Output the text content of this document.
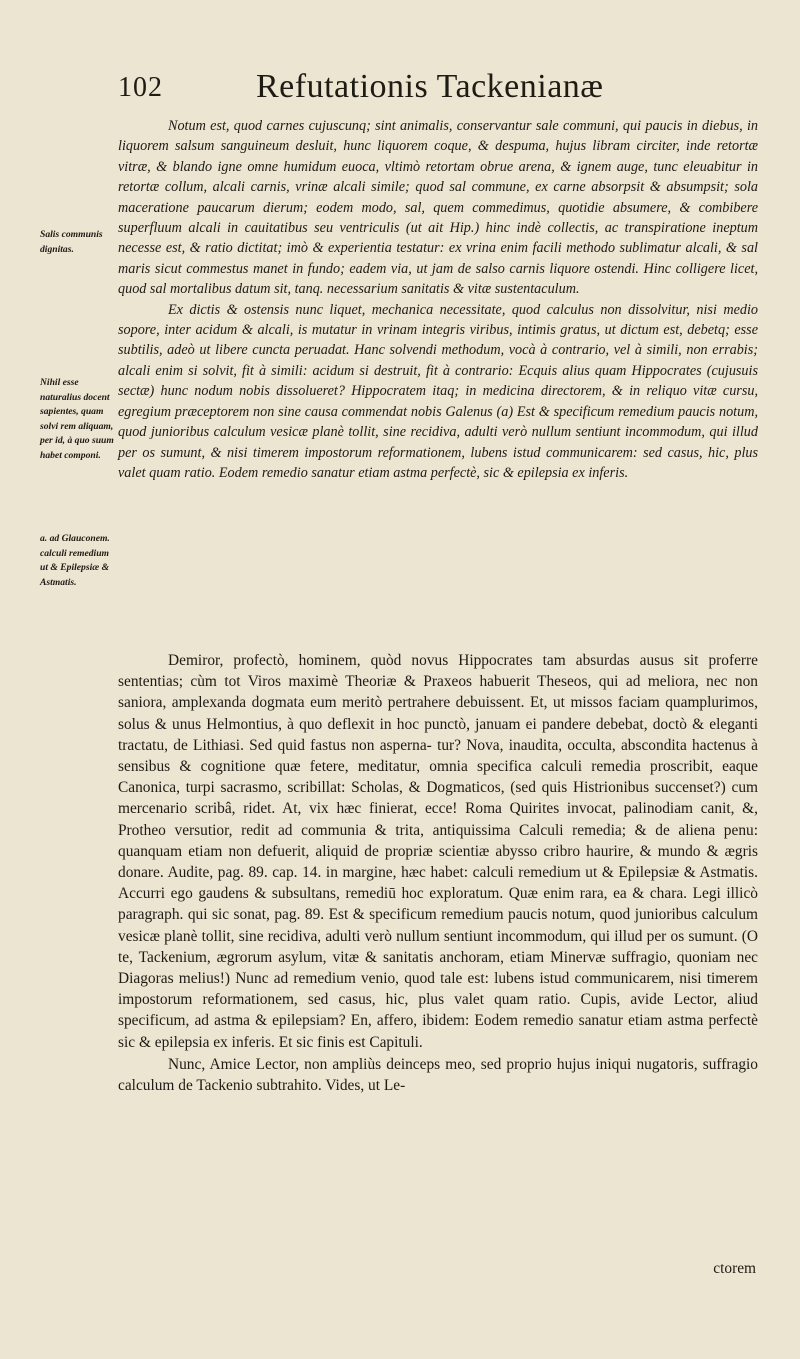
102	Refutationis Tackenianæ

Notum est, quod carnes cujuscunq; sint animalis, conservantur sale communi, qui paucis in diebus, in liquorem salsum sanguineum desluit, hunc liquorem coque, & despuma, hujus libram circiter, inde retortæ vitræ, & blando igne omne humidum euoca, vltimò retortam obrue arena, & ignem auge, tunc eleuabitur in retortæ collum, alcali carnis, vrinæ alcali simile; quod sal commune, ex carne absorpsit & absumpsit; sola maceratione paucarum dierum; eodem modo, sal, quem commedimus, quotidie absumere, & combibere superfluum alcali in cauitatibus seu ventriculis (ut ait Hip.) hinc indè collectis, ac transpiratione ineptum necesse est, & ratio dictitat; imò & experientia testatur: ex vrina enim facili methodo sublimatur alcali, & sal maris sicut commestus manet in fundo; eadem via, ut jam de salso carnis liquore ostendi. Hinc colligere licet, quod sal mortalibus datum sit, tanq. necessarium sanitatis & vitæ sustentaculum.

Ex dictis & ostensis nunc liquet, mechanica necessitate, quod calculus non dissolvitur, nisi medio sopore, inter acidum & alcali, is mutatur in vrinam integris viribus, intimis gratus, ut dictum est, debetq; esse subtilis, adeò ut libere cuncta peruadat. Hanc solvendi methodum, vocà à contrario, vel à simili, non errabis; alcali enim si solvit, fit à simili: acidum si destruit, fit à contrario: Ecquis alius quam Hippocrates (cujusuis sectæ) hunc nodum nobis dissolueret? Hippocratem itaq; in medicina directorem, & in reliquo vitæ cursu, egregium præceptorem non sine causa commendat nobis Galenus (a) Est & specificum remedium paucis notum, quod junioribus calculum vesicæ planè tollit, sine recidiva, adulti verò nullum sentiunt incommodum, qui illud per os sumunt, & nisi timerem impostorum reformationem, lubens istud communicarem: sed casus, hic, plus valet quam ratio. Eodem remedio sanatur etiam astma perfectè, sic & epilepsia ex inferis.

Salis communis dignitas.
Nihil esse naturalius docent sapientes, quam solvi rem aliquam, per id, à quo suum habet componi.
a. ad Glauconem. calculi remedium ut & Epilepsiæ & Astmatis.

Demiror, profectò, hominem, quòd novus Hippocrates tam absurdas ausus sit proferre sententias; cùm tot Viros maximè Theoriæ & Praxeos habuerit Theseos, qui ad meliora, nec non saniora, amplexanda dogmata eum meritò pertrahere debuissent. Et, ut missos faciam quamplurimos, solus & unus Helmontius, à quo deflexit in hoc punctò, januam ei pandere debebat, doctò & eleganti tractatu, de Lithiasi. Sed quid fastus non asperna- tur? Nova, inaudita, occulta, abscondita hactenus à sensibus & cognitione quæ fetere, meditatur, omnia specifica calculi remedia proscribit, eaque Canonica, turpi sacrasmo, scribillat: Scholas, & Dogmaticos, (sed quis Histrionibus succenset?) cum mercenario scribâ, ridet. At, vix hæc finierat, ecce! Roma Quirites invocat, palinodiam canit, &, Protheo versutior, redit ad communia & trita, antiquissima Calculi remedia; & de aliena penu: quanquam etiam non defuerit, aliquid de propriæ scientiæ abysso cribro haurire, & mundo & ægris donare. Audite, pag. 89. cap. 14. in margine, hæc habet: calculi remedium ut & Epilepsiæ & Astmatis. Accurri ego gaudens & subsultans, remediū hoc exploratum. Quæ enim rara, ea & chara. Legi illicò paragraph. qui sic sonat, pag. 89. Est & specificum remedium paucis notum, quod junioribus calculum vesicæ planè tollit, sine recidiva, adulti verò nullum sentiunt incommodum, qui illud per os sumunt. (O te, Tackenium, ægrorum asylum, vitæ & sanitatis anchoram, etiam Minervæ suffragio, quoniam nec Diagoras melius!) Nunc ad remedium venio, quod tale est: lubens istud communicarem, nisi timerem impostorum reformationem, sed casus, hic, plus valet quam ratio. Cupis, avide Lector, aliud specificum, ad astma & epilepsiam? En, affero, ibidem: Eodem remedio sanatur etiam astma perfectè sic & epilepsia ex inferis. Et sic finis est Capituli.

Nunc, Amice Lector, non ampliùs deinceps meo, sed proprio hujus iniqui nugatoris, suffragio calculum de Tackenio subtrahito. Vides, ut Le-

ctorem
